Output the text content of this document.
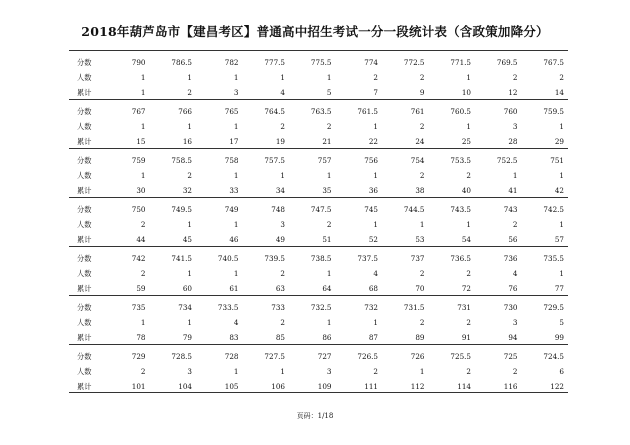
2018年葫芦岛市【建昌考区】普通高中招生考试一分一段统计表（含政策加降分）
分数	790	786.5	782	777.5	775.5	774	772.5	771.5	769.5	767.5
人数	1	1	1	1	1	2	2	1	2	2
累计	1	2	3	4	5	7	9	10	12	14
分数	767	766	765	764.5	763.5	761.5	761	760.5	760	759.5
人数	1	1	1	2	2	1	2	1	3	1
累计	15	16	17	19	21	22	24	25	28	29
分数	759	758.5	758	757.5	757	756	754	753.5	752.5	751
人数	1	2	1	1	1	1	2	2	1	1
累计	30	32	33	34	35	36	38	40	41	42
分数	750	749.5	749	748	747.5	745	744.5	743.5	743	742.5
人数	2	1	1	3	2	1	1	1	2	1
累计	44	45	46	49	51	52	53	54	56	57
分数	742	741.5	740.5	739.5	738.5	737.5	737	736.5	736	735.5
人数	2	1	1	2	1	4	2	2	4	1
累计	59	60	61	63	64	68	70	72	76	77
分数	735	734	733.5	733	732.5	732	731.5	731	730	729.5
人数	1	1	4	2	1	1	2	2	3	5
累计	78	79	83	85	86	87	89	91	94	99
分数	729	728.5	728	727.5	727	726.5	726	725.5	725	724.5
人数	2	3	1	1	3	2	1	2	2	6
累计	101	104	105	106	109	111	112	114	116	122
页码：1/18
